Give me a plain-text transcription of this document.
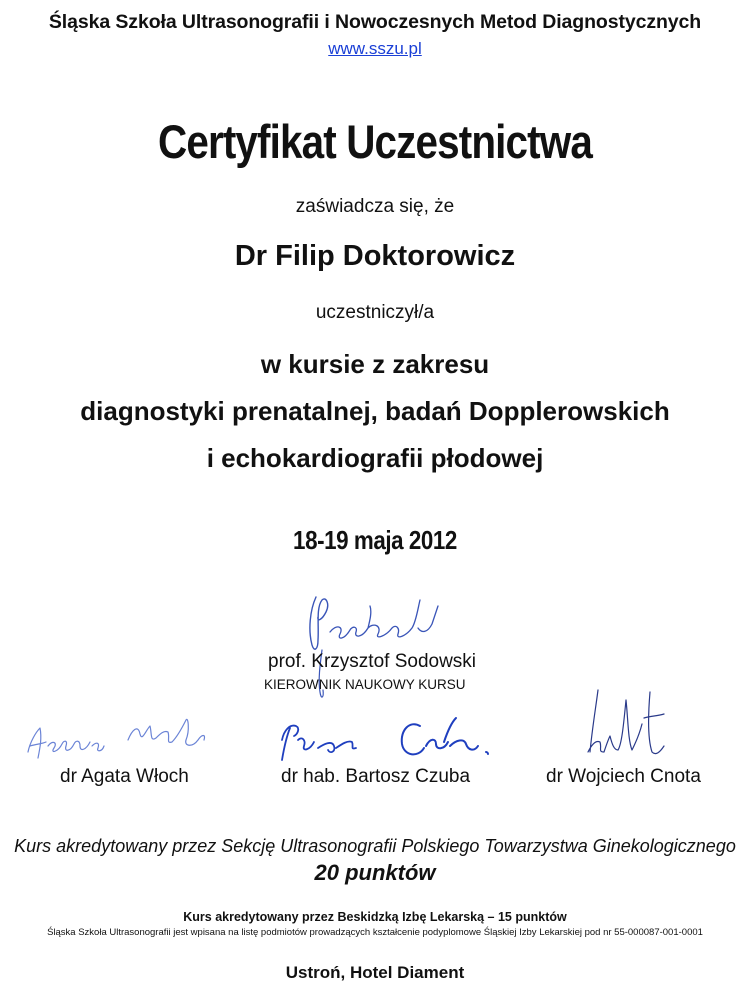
Śląska Szkoła Ultrasonografii i Nowoczesnych Metod Diagnostycznych
www.sszu.pl
Certyfikat Uczestnictwa
zaświadcza się, że
Dr Filip Doktorowicz
uczestniczył/a
w kursie z zakresu
diagnostyki prenatalnej, badań Dopplerowskich
i echokardiografii płodowej
18-19 maja 2012
prof. Krzysztof Sodowski
KIEROWNIK NAUKOWY KURSU
dr Agata Włoch	dr hab. Bartosz Czuba	dr Wojciech Cnota
Kurs akredytowany przez Sekcję Ultrasonografii Polskiego Towarzystwa Ginekologicznego
20 punktów
Kurs akredytowany przez Beskidzką Izbę Lekarską – 15 punktów
Śląska Szkoła Ultrasonografii jest wpisana na listę podmiotów prowadzących kształcenie podyplomowe Śląskiej Izby Lekarskiej pod nr 55-000087-001-0001
Ustroń, Hotel Diament
